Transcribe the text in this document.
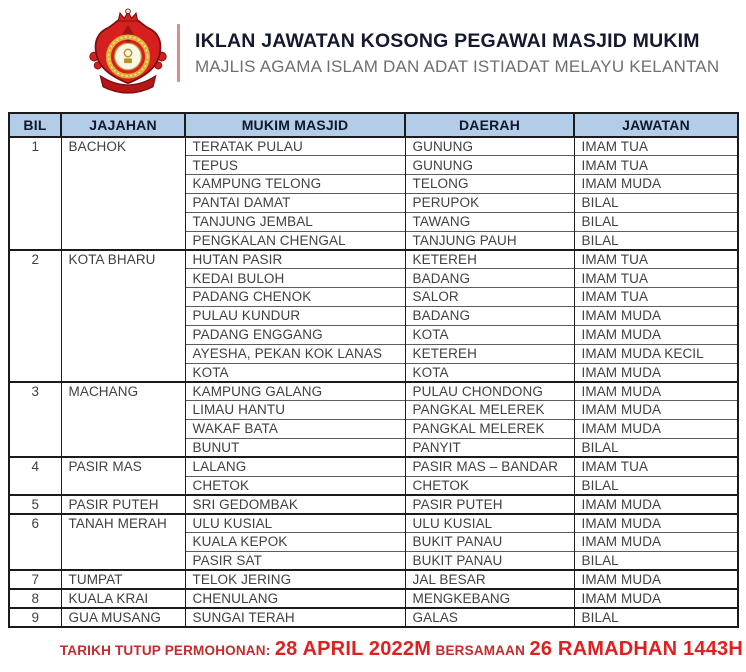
IKLAN JAWATAN KOSONG PEGAWAI MASJID MUKIM
MAJLIS AGAMA ISLAM DAN ADAT ISTIADAT MELAYU KELANTAN
BIL	JAJAHAN	MUKIM MASJID	DAERAH	JAWATAN
1	BACHOK	TERATAK PULAU	GUNUNG	IMAM TUA
		TEPUS	GUNUNG	IMAM TUA
		KAMPUNG TELONG	TELONG	IMAM MUDA
		PANTAI DAMAT	PERUPOK	BILAL
		TANJUNG JEMBAL	TAWANG	BILAL
		PENGKALAN CHENGAL	TANJUNG PAUH	BILAL
2	KOTA BHARU	HUTAN PASIR	KETEREH	IMAM TUA
		KEDAI BULOH	BADANG	IMAM TUA
		PADANG CHENOK	SALOR	IMAM TUA
		PULAU KUNDUR	BADANG	IMAM MUDA
		PADANG ENGGANG	KOTA	IMAM MUDA
		AYESHA, PEKAN KOK LANAS	KETEREH	IMAM MUDA KECIL
		KOTA	KOTA	IMAM MUDA
3	MACHANG	KAMPUNG GALANG	PULAU CHONDONG	IMAM MUDA
		LIMAU HANTU	PANGKAL MELEREK	IMAM MUDA
		WAKAF BATA	PANGKAL MELEREK	IMAM MUDA
		BUNUT	PANYIT	BILAL
4	PASIR MAS	LALANG	PASIR MAS – BANDAR	IMAM TUA
		CHETOK	CHETOK	BILAL
5	PASIR PUTEH	SRI GEDOMBAK	PASIR PUTEH	IMAM MUDA
6	TANAH MERAH	ULU KUSIAL	ULU KUSIAL	IMAM MUDA
		KUALA KEPOK	BUKIT PANAU	IMAM MUDA
		PASIR SAT	BUKIT PANAU	BILAL
7	TUMPAT	TELOK JERING	JAL BESAR	IMAM MUDA
8	KUALA KRAI	CHENULANG	MENGKEBANG	IMAM MUDA
9	GUA MUSANG	SUNGAI TERAH	GALAS	BILAL
TARIKH TUTUP PERMOHONAN: 28 APRIL 2022M BERSAMAAN 26 RAMADHAN 1443H
